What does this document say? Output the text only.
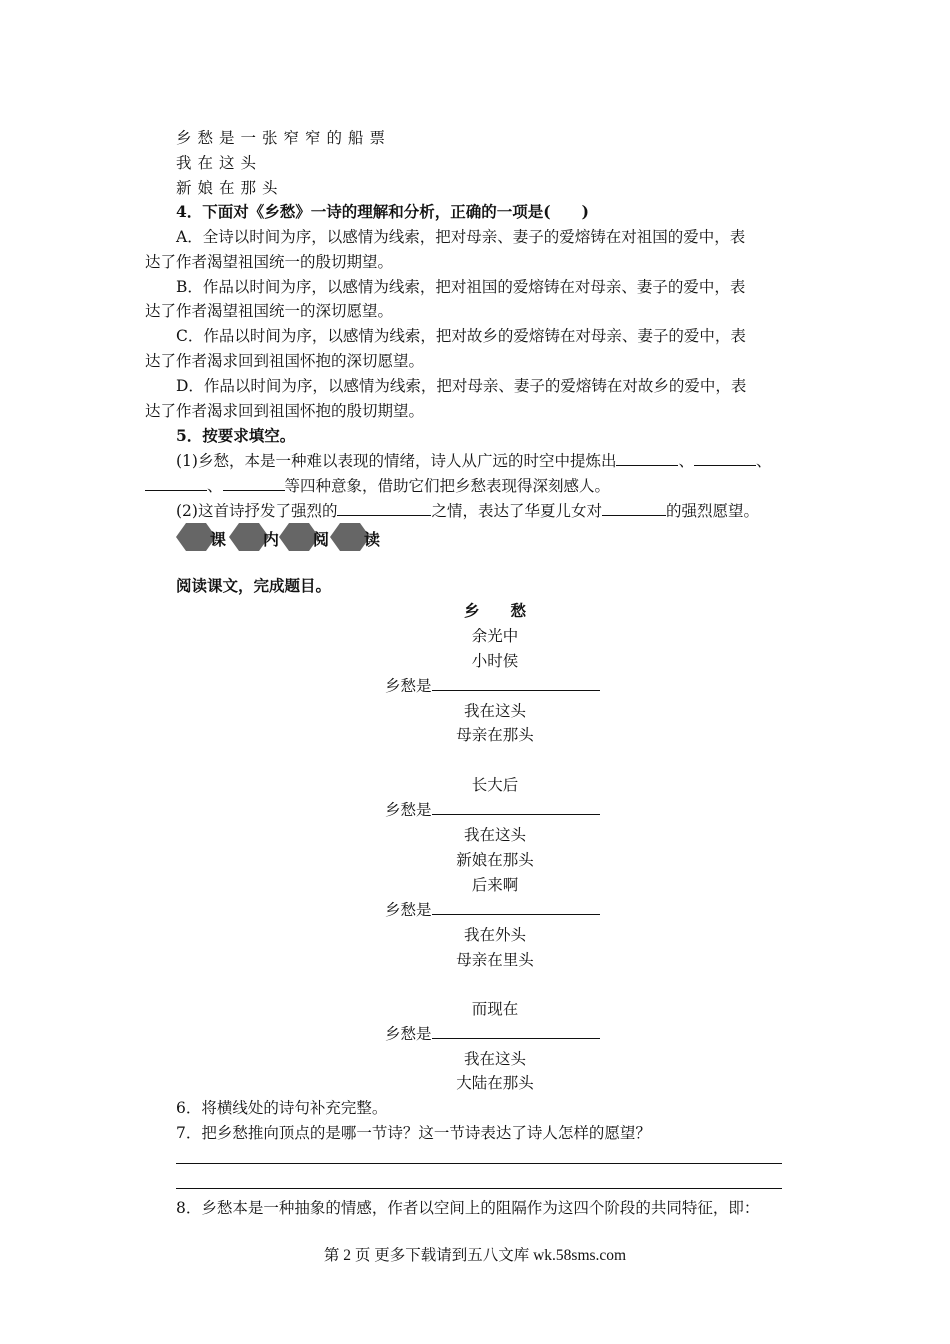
乡愁是一张窄窄的船票
我在这头
新娘在那头
4．下面对《乡愁》一诗的理解和分析，正确的一项是(　　)
A．全诗以时间为序，以感情为线索，把对母亲、妻子的爱熔铸在对祖国的爱中，表
达了作者渴望祖国统一的殷切期望。
B．作品以时间为序，以感情为线索，把对祖国的爱熔铸在对母亲、妻子的爱中，表
达了作者渴望祖国统一的深切愿望。
C．作品以时间为序，以感情为线索，把对故乡的爱熔铸在对母亲、妻子的爱中，表
达了作者渴求回到祖国怀抱的深切愿望。
D．作品以时间为序，以感情为线索，把对母亲、妻子的爱熔铸在对故乡的爱中，表
达了作者渴求回到祖国怀抱的殷切期望。
5．按要求填空。
(1)乡愁，本是一种难以表现的情绪，诗人从广远的时空中提炼出	、	、
、	等四种意象，借助它们把乡愁表现得深刻感人。
(2)这首诗抒发了强烈的	之情，表达了华夏儿女对	的强烈愿望。
课 内 阅 读
阅读课文，完成题目。
乡　　愁
余光中
小时侯
乡愁是
我在这头
母亲在那头
长大后
乡愁是
我在这头
新娘在那头
后来啊
乡愁是
我在外头
母亲在里头
而现在
乡愁是
我在这头
大陆在那头
6．将横线处的诗句补充完整。
7．把乡愁推向顶点的是哪一节诗？这一节诗表达了诗人怎样的愿望？
8．乡愁本是一种抽象的情感，作者以空间上的阻隔作为这四个阶段的共同特征，即：
第 2 页 更多下载请到五八文库 wk.58sms.com
